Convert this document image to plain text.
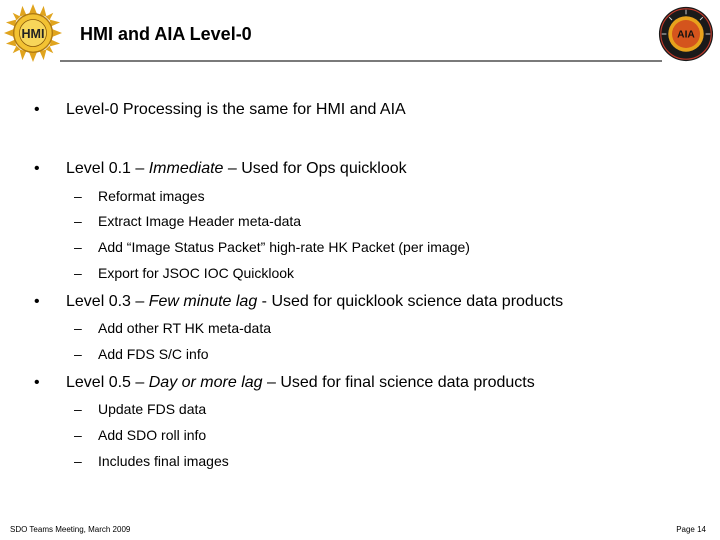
HMI	AIA
HMI and AIA Level-0
• Level-0 Processing is the same for HMI and AIA
• Level 0.1 – Immediate – Used for Ops quicklook
– Reformat images
– Extract Image Header meta-data
– Add “Image Status Packet” high-rate HK Packet (per image)
– Export for JSOC IOC Quicklook
• Level 0.3 – Few minute lag - Used for quicklook science data products
– Add other RT HK meta-data
– Add FDS S/C info
• Level 0.5 – Day or more lag – Used for final science data products
– Update FDS data
– Add SDO roll info
– Includes final images
SDO Teams Meeting, March 2009	Page 14
